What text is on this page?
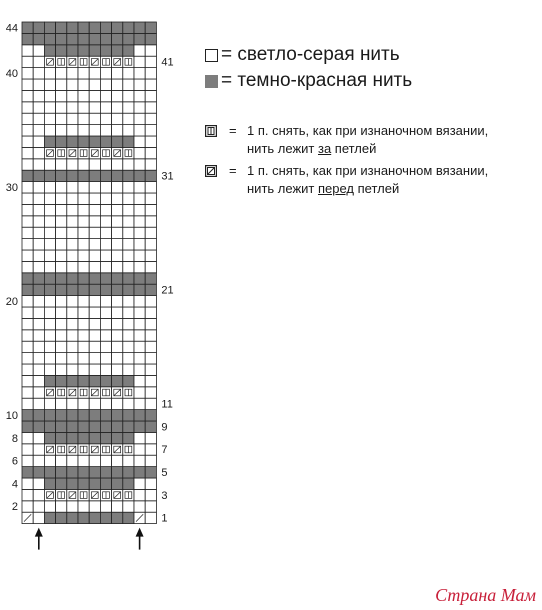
2
4
6
8
10
20
30
40
44
1
3
5
7
9
11
21
31
41 = светло-серая нить
= темно-красная нить
= 1 п. снять, как при изнаночном вязании,
нить лежит за петлей
= 1 п. снять, как при изнаночном вязании,
нить лежит перед петлей
Страна Мам
